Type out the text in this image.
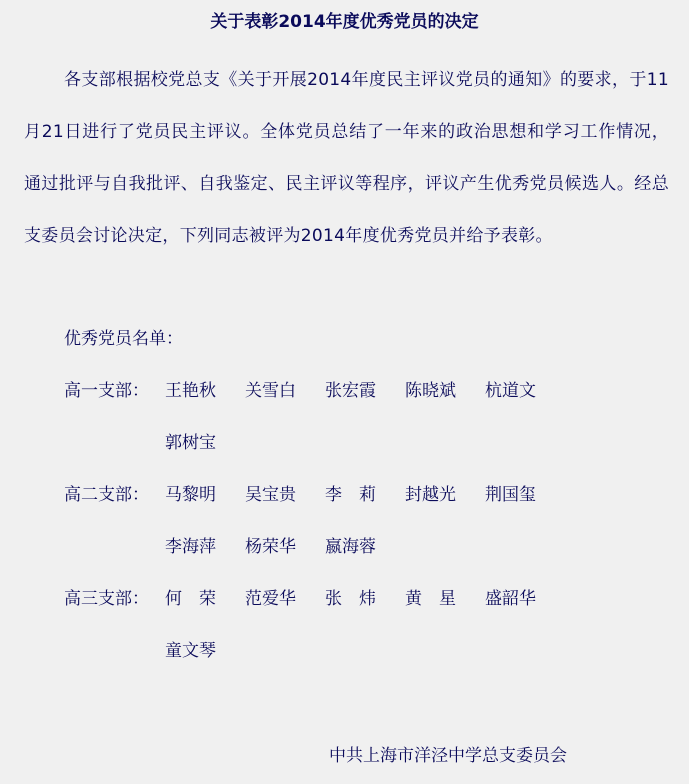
关于表彰2014年度优秀党员的决定

各支部根据校党总支《关于开展2014年度民主评议党员的通知》的要求，于11月21日进行了党员民主评议。全体党员总结了一年来的政治思想和学习工作情况，通过批评与自我批评、自我鉴定、民主评议等程序，评议产生优秀党员候选人。经总支委员会讨论决定，下列同志被评为2014年度优秀党员并给予表彰。

优秀党员名单：
高一支部： 王艳秋 关雪白 张宏霞 陈晓斌 杭道文
郭树宝
高二支部： 马黎明 吴宝贵 李　莉 封越光 荆国玺
李海萍 杨荣华 嬴海蓉
高三支部： 何　荣 范爱华 张　炜 黄　星 盛韶华
童文琴
中共上海市洋泾中学总支委员会
